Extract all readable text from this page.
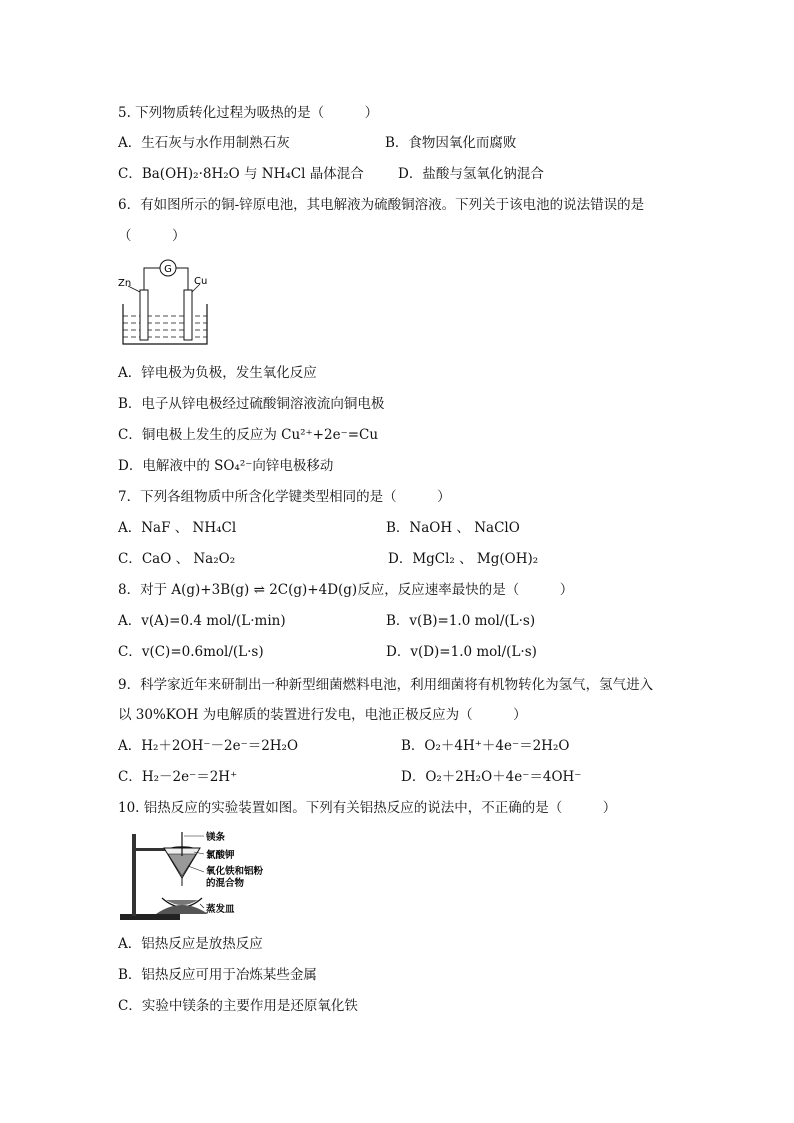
5. 下列物质转化过程为吸热的是（　　　）
A．生石灰与水作用制熟石灰	B．食物因氧化而腐败
C．Ba(OH)₂·8H₂O 与 NH₄Cl 晶体混合	D．盐酸与氢氧化钠混合
6．有如图所示的铜-锌原电池，其电解液为硫酸铜溶液。下列关于该电池的说法错误的是
（　　　）
G
Zn	Cu
A．锌电极为负极，发生氧化反应
B．电子从锌电极经过硫酸铜溶液流向铜电极
C．铜电极上发生的反应为 Cu²⁺+2e⁻=Cu
D．电解液中的 SO₄²⁻向锌电极移动
7．下列各组物质中所含化学键类型相同的是（　　　）
A．NaF 、 NH₄Cl	B．NaOH 、 NaClO
C．CaO 、 Na₂O₂	D．MgCl₂ 、 Mg(OH)₂
8．对于 A(g)+3B(g) ⇌ 2C(g)+4D(g)反应，反应速率最快的是（　　　）
A．v(A)=0.4 mol/(L·min)	B．v(B)=1.0 mol/(L·s)
C．v(C)=0.6mol/(L·s)	D．v(D)=1.0 mol/(L·s)
9．科学家近年来研制出一种新型细菌燃料电池，利用细菌将有机物转化为氢气，氢气进入
以 30%KOH 为电解质的装置进行发电，电池正极反应为（　　　）
A．H₂＋2OH⁻－2e⁻＝2H₂O	B．O₂＋4H⁺＋4e⁻＝2H₂O
C．H₂－2e⁻＝2H⁺	D．O₂＋2H₂O＋4e⁻＝4OH⁻
10. 铝热反应的实验装置如图。下列有关铝热反应的说法中，不正确的是（　　　）
镁条
氯酸钾
氧化铁和铝粉
的混合物
蒸发皿
A．铝热反应是放热反应
B．铝热反应可用于冶炼某些金属
C．实验中镁条的主要作用是还原氧化铁
